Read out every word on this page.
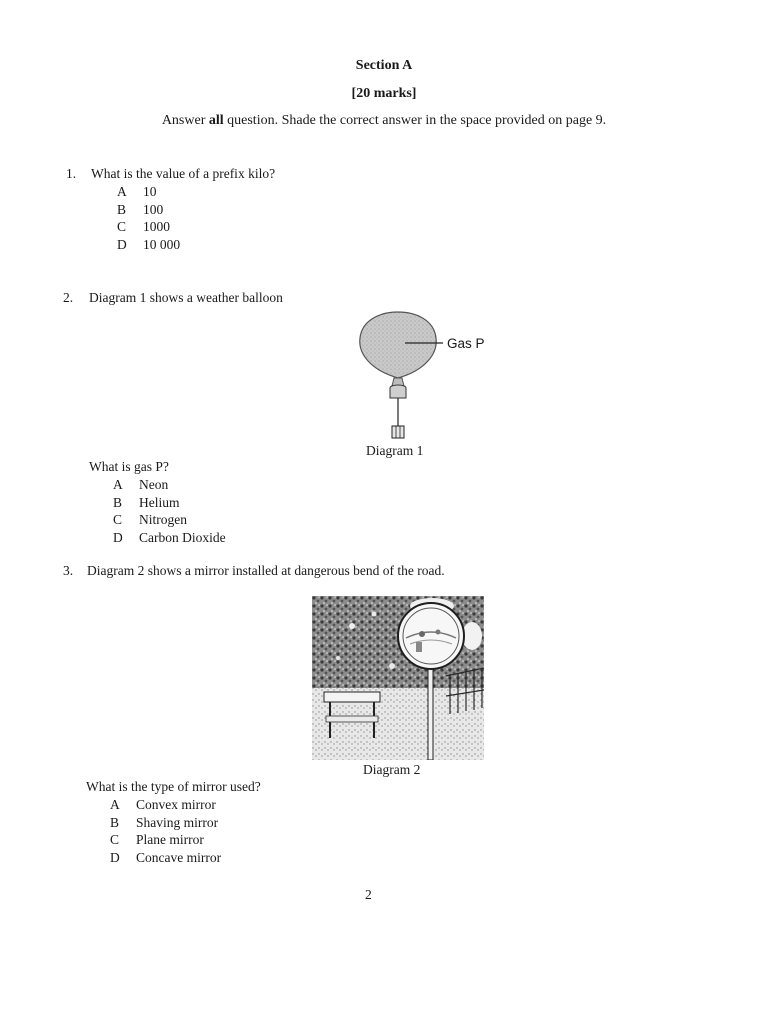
Section A
[20 marks]
Answer all question. Shade the correct answer in the space provided on page 9.
1. What is the value of a prefix kilo?
A 10
B 100
C 1000
D 10 000
2. Diagram 1 shows a weather balloon
Gas P
Diagram 1
What is gas P?
A Neon
B Helium
C Nitrogen
D Carbon Dioxide
3. Diagram 2 shows a mirror installed at dangerous bend of the road.
Diagram 2
What is the type of mirror used?
A Convex mirror
B Shaving mirror
C Plane mirror
D Concave mirror
2
